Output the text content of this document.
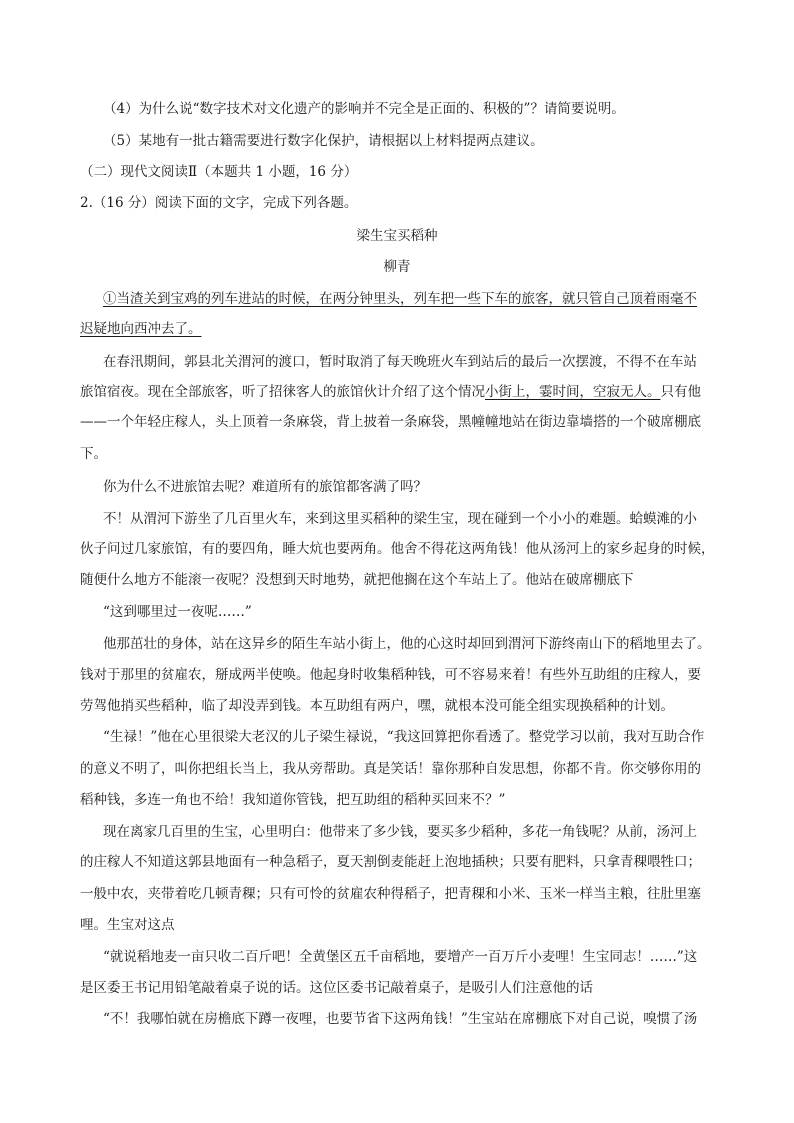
（4）为什么说“数字技术对文化遗产的影响并不完全是正面的、积极的”？请简要说明。
（5）某地有一批古籍需要进行数字化保护，请根据以上材料提两点建议。
（二）现代文阅读Ⅱ（本题共 1 小题，16 分）
2.（16 分）阅读下面的文字，完成下列各题。
梁生宝买稻种
柳青
①当渣关到宝鸡的列车进站的时候，在两分钟里头，列车把一些下车的旅客，就只管自己顶着雨毫不
迟疑地向西冲去了。
在春汛期间，郭县北关渭河的渡口，暂时取消了每天晚班火车到站后的最后一次摆渡，不得不在车站
旅馆宿夜。现在全部旅客，听了招徕客人的旅馆伙计介绍了这个情况小街上，霎时间，空寂无人。只有他
——一个年轻庄稼人，头上顶着一条麻袋，背上披着一条麻袋，黑幢幢地站在街边靠墙搭的一个破席棚底
下。
你为什么不进旅馆去呢？难道所有的旅馆都客满了吗？
不！从渭河下游坐了几百里火车，来到这里买稻种的梁生宝，现在碰到一个小小的难题。蛤蟆滩的小
伙子问过几家旅馆，有的要四角，睡大炕也要两角。他舍不得花这两角钱！他从汤河上的家乡起身的时候，
随便什么地方不能滚一夜呢？没想到天时地势，就把他搁在这个车站上了。他站在破席棚底下
“这到哪里过一夜呢……”
他那茁壮的身体，站在这异乡的陌生车站小街上，他的心这时却回到渭河下游终南山下的稻地里去了。
钱对于那里的贫雇农，掰成两半使唤。他起身时收集稻种钱，可不容易来着！有些外互助组的庄稼人，要
劳驾他捎买些稻种，临了却没弄到钱。本互助组有两户，嘿，就根本没可能全组实现换稻种的计划。
“生禄！”他在心里很梁大老汉的儿子梁生禄说，“我这回算把你看透了。整党学习以前，我对互助合作
的意义不明了，叫你把组长当上，我从旁帮助。真是笑话！靠你那种自发思想，你都不肯。你交够你用的
稻种钱，多连一角也不给！我知道你管钱，把互助组的稻种买回来不？”
现在离家几百里的生宝，心里明白：他带来了多少钱，要买多少稻种，多花一角钱呢？从前，汤河上
的庄稼人不知道这郭县地面有一种急稻子，夏天割倒麦能赶上泡地插秧；只要有肥料，只拿青稞喂牲口；
一般中农，夹带着吃几顿青稞；只有可怜的贫雇农种得稻子，把青稞和小米、玉米一样当主粮，往肚里塞
哩。生宝对这点
“就说稻地麦一亩只收二百斤吧！全黄堡区五千亩稻地，要增产一百万斤小麦哩！生宝同志！……”这
是区委王书记用铅笔敲着桌子说的话。这位区委书记敲着桌子，是吸引人们注意他的话
“不！我哪怕就在房檐底下蹲一夜哩，也要节省下这两角钱！”生宝站在席棚底下对自己说，嗅惯了汤
